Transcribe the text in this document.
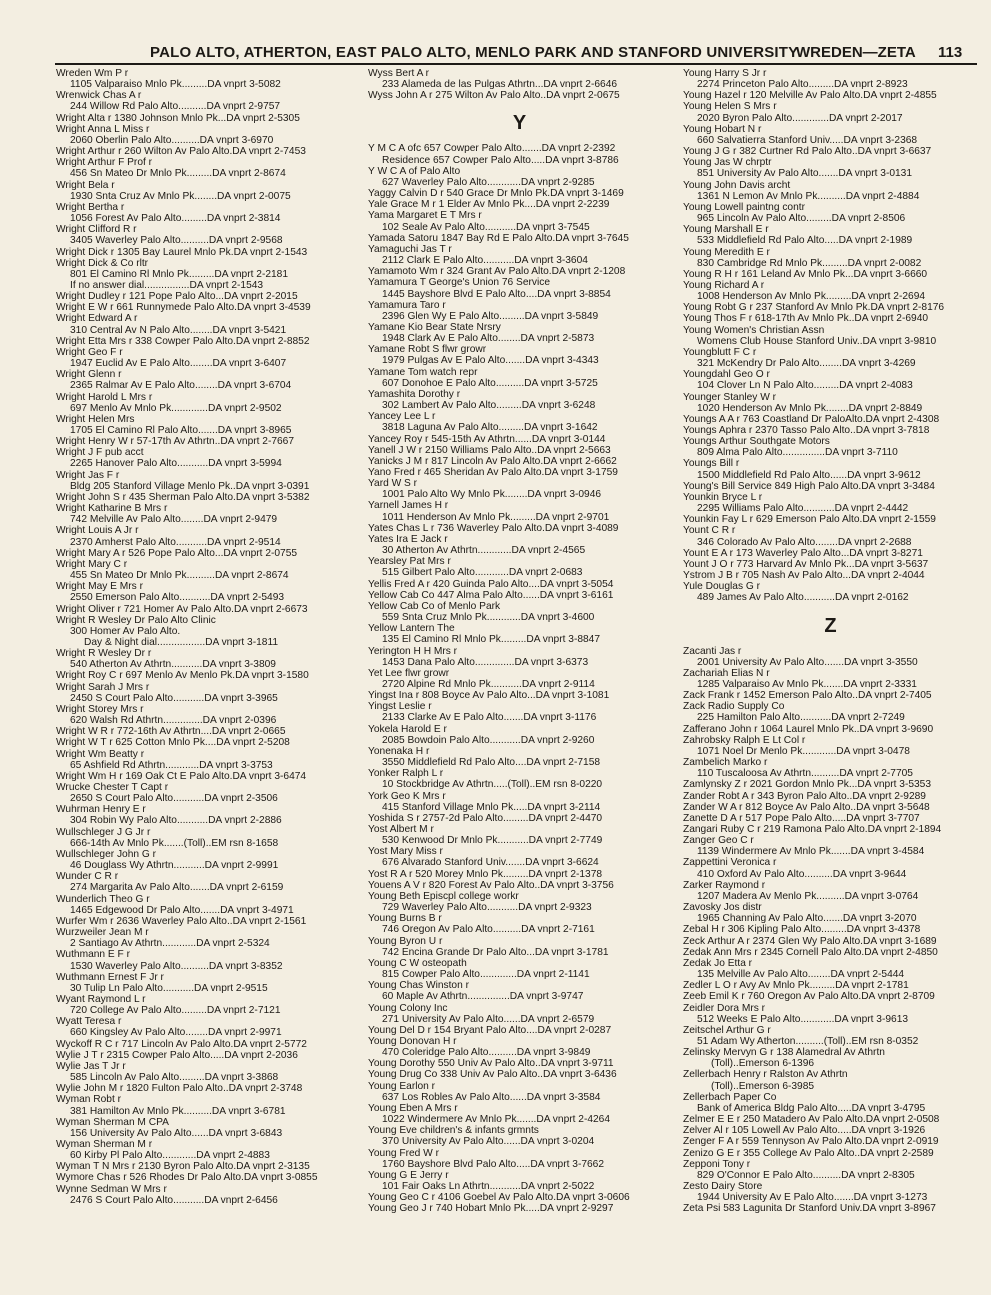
PALO ALTO, ATHERTON, EAST PALO ALTO, MENLO PARK AND STANFORD UNIVERSITY
WREDEN—ZETA 113
Wreden Wm P r
1105 Valparaiso Mnlo Pk.........DA vnprt 3-5082
Wrenwick Chas A r
244 Willow Rd Palo Alto..........DA vnprt 2-9757
Wright Alta r 1380 Johnson Mnlo Pk...DA vnprt 2-5305
Wright Anna L Miss r
2060 Oberlin Palo Alto..........DA vnprt 3-6970
Wright Arthur r 260 Wilton Av Palo Alto.DA vnprt 2-7453
Wright Arthur F Prof r
456 Sn Mateo Dr Mnlo Pk.........DA vnprt 2-8674
Wright Bela r
1930 Snta Cruz Av Mnlo Pk........DA vnprt 2-0075
Wright Bertha r
1056 Forest Av Palo Alto.........DA vnprt 2-3814
Wright Clifford R r
3405 Waverley Palo Alto..........DA vnprt 2-9568
Wright Dick r 1305 Bay Laurel Mnlo Pk.DA vnprt 2-1543
Wright Dick & Co rltr
801 El Camino Rl Mnlo Pk.........DA vnprt 2-2181
If no answer dial................DA vnprt 2-1543
Wright Dudley r 121 Pope Palo Alto...DA vnprt 2-2015
Wright E W r 661 Runnymede Palo Alto.DA vnprt 3-4539
Wright Edward A r
310 Central Av N Palo Alto........DA vnprt 3-5421
Wright Etta Mrs r 338 Cowper Palo Alto.DA vnprt 2-8852
Wright Geo F r
1947 Euclid Av E Palo Alto........DA vnprt 3-6407
Wright Glenn r
2365 Ralmar Av E Palo Alto........DA vnprt 3-6704
Wright Harold L Mrs r
697 Menlo Av Mnlo Pk.............DA vnprt 2-9502
Wright Helen Mrs
1705 El Camino Rl Palo Alto.......DA vnprt 3-8965
Wright Henry W r 57-17th Av Athrtn..DA vnprt 2-7667
Wright J F pub acct
2265 Hanover Palo Alto...........DA vnprt 3-5994
Wright Jas F r
Bldg 205 Stanford Village Menlo Pk..DA vnprt 3-0391
Wright John S r 435 Sherman Palo Alto.DA vnprt 3-5382
Wright Katharine B Mrs r
742 Melville Av Palo Alto........DA vnprt 2-9479
Wright Louis A Jr r
2370 Amherst Palo Alto...........DA vnprt 2-9514
Wright Mary A r 526 Pope Palo Alto...DA vnprt 2-0755
Wright Mary C r
455 Sn Mateo Dr Mnlo Pk..........DA vnprt 2-8674
Wright May E Mrs r
2550 Emerson Palo Alto...........DA vnprt 2-5493
Wright Oliver r 721 Homer Av Palo Alto.DA vnprt 2-6673
Wright R Wesley Dr Palo Alto Clinic
300 Homer Av Palo Alto.
Day & Night dial.................DA vnprt 3-1811
Wright R Wesley Dr r
540 Atherton Av Athrtn...........DA vnprt 3-3809
Wright Roy C r 697 Menlo Av Menlo Pk.DA vnprt 3-1580
Wright Sarah J Mrs r
2450 S Court Palo Alto...........DA vnprt 3-3965
Wright Storey Mrs r
620 Walsh Rd Athrtn..............DA vnprt 2-0396
Wright W R r 772-16th Av Athrtn....DA vnprt 2-0665
Wright W T r 625 Cotton Mnlo Pk....DA vnprt 2-5208
Wright Wm Beatty r
65 Ashfield Rd Athrtn............DA vnprt 3-3753
Wright Wm H r 169 Oak Ct E Palo Alto.DA vnprt 3-6474
Wrucke Chester T Capt r
2650 S Court Palo Alto...........DA vnprt 2-3506
Wuhrman Henry E r
304 Robin Wy Palo Alto...........DA vnprt 2-2886
Wullschleger J G Jr r
666-14th Av Mnlo Pk.......(Toll)..EM rsn 8-1658
Wullschleger John G r
46 Douglass Wy Athrtn...........DA vnprt 2-9991
Wunder C R r
274 Margarita Av Palo Alto.......DA vnprt 2-6159
Wunderlich Theo G r
1465 Edgewood Dr Palo Alto.......DA vnprt 3-4971
Wurfer Wm r 2636 Waverley Palo Alto..DA vnprt 2-1561
Wurzweiler Jean M r
2 Santiago Av Athrtn............DA vnprt 2-5324
Wuthmann E F r
1530 Waverley Palo Alto..........DA vnprt 3-8352
Wuthmann Ernest F Jr r
30 Tulip Ln Palo Alto...........DA vnprt 2-9515
Wyant Raymond L r
720 College Av Palo Alto.........DA vnprt 2-7121
Wyatt Teresa r
660 Kingsley Av Palo Alto........DA vnprt 2-9971
Wyckoff R C r 717 Lincoln Av Palo Alto.DA vnprt 2-5772
Wylie J T r 2315 Cowper Palo Alto.....DA vnprt 2-2036
Wylie Jas T Jr r
585 Lincoln Av Palo Alto.........DA vnprt 3-3868
Wylie John M r 1820 Fulton Palo Alto..DA vnprt 2-3748
Wyman Robt r
381 Hamilton Av Mnlo Pk..........DA vnprt 3-6781
Wyman Sherman M CPA
156 University Av Palo Alto......DA vnprt 3-6843
Wyman Sherman M r
60 Kirby Pl Palo Alto............DA vnprt 2-4883
Wyman T N Mrs r 2130 Byron Palo Alto.DA vnprt 2-3135
Wymore Chas r 526 Rhodes Dr Palo Alto.DA vnprt 3-0855
Wynne Sedman W Mrs r
2476 S Court Palo Alto...........DA vnprt 2-6456
Wyss Bert A r
233 Alameda de las Pulgas Athrtn...DA vnprt 2-6646
Wyss John A r 275 Wilton Av Palo Alto..DA vnprt 2-0675
Y
Y M C A ofc 657 Cowper Palo Alto.......DA vnprt 2-2392
Residence 657 Cowper Palo Alto.....DA vnprt 3-8786
Y W C A of Palo Alto
627 Waverley Palo Alto............DA vnprt 2-9285
Yaggy Calvin D r 540 Grace Dr Mnlo Pk.DA vnprt 3-1469
Yale Grace M r 1 Elder Av Mnlo Pk....DA vnprt 2-2239
Yama Margaret E T Mrs r
102 Seale Av Palo Alto...........DA vnprt 3-7545
Yamada Satoru 1847 Bay Rd E Palo Alto.DA vnprt 3-7645
Yamaguchi Jas T r
2112 Clark E Palo Alto...........DA vnprt 3-3604
Yamamoto Wm r 324 Grant Av Palo Alto.DA vnprt 2-1208
Yamamura T George's Union 76 Service
1445 Bayshore Blvd E Palo Alto....DA vnprt 3-8854
Yamamura Taro r
2396 Glen Wy E Palo Alto.........DA vnprt 3-5849
Yamane Kio Bear State Nrsry
1948 Clark Av E Palo Alto........DA vnprt 2-5873
Yamane Robt S flwr growr
1979 Pulgas Av E Palo Alto.......DA vnprt 3-4343
Yamane Tom watch repr
607 Donohoe E Palo Alto..........DA vnprt 3-5725
Yamashita Dorothy r
302 Lambert Av Palo Alto.........DA vnprt 3-6248
Yancey Lee L r
3818 Laguna Av Palo Alto.........DA vnprt 3-1642
Yancey Roy r 545-15th Av Athrtn......DA vnprt 3-0144
Yanell J W r 2150 Williams Palo Alto..DA vnprt 2-5663
Yanicks J M r 817 Lincoln Av Palo Alto.DA vnprt 2-6662
Yano Fred r 465 Sheridan Av Palo Alto.DA vnprt 3-1759
Yard W S r
1001 Palo Alto Wy Mnlo Pk........DA vnprt 3-0946
Yarnell James H r
1011 Henderson Av Mnlo Pk.........DA vnprt 2-9701
Yates Chas L r 736 Waverley Palo Alto.DA vnprt 3-4089
Yates Ira E Jack r
30 Atherton Av Athrtn............DA vnprt 2-4565
Yearsley Pat Mrs r
515 Gilbert Palo Alto............DA vnprt 2-0683
Yellis Fred A r 420 Guinda Palo Alto....DA vnprt 3-5054
Yellow Cab Co 447 Alma Palo Alto......DA vnprt 3-6161
Yellow Cab Co of Menlo Park
559 Snta Cruz Mnlo Pk............DA vnprt 3-4600
Yellow Lantern The
135 El Camino Rl Mnlo Pk.........DA vnprt 3-8847
Yerington H H Mrs r
1453 Dana Palo Alto..............DA vnprt 3-6373
Yet Lee flwr growr
2720 Alpine Rd Mnlo Pk...........DA vnprt 2-9114
Yingst Ina r 808 Boyce Av Palo Alto...DA vnprt 3-1081
Yingst Leslie r
2133 Clarke Av E Palo Alto.......DA vnprt 3-1176
Yokela Harold E r
2085 Bowdoin Palo Alto...........DA vnprt 2-9260
Yonenaka H r
3550 Middlefield Rd Palo Alto....DA vnprt 2-7158
Yonker Ralph L r
10 Stockbridge Av Athrtn.....(Toll)..EM rsn 8-0220
York Geo K Mrs r
415 Stanford Village Mnlo Pk.....DA vnprt 3-2114
Yoshida S r 2757-2d Palo Alto.........DA vnprt 2-4470
Yost Albert M r
530 Kenwood Dr Mnlo Pk...........DA vnprt 2-7749
Yost Mary Miss r
676 Alvarado Stanford Univ.......DA vnprt 3-6624
Yost R A r 520 Morey Mnlo Pk.........DA vnprt 2-1378
Youens A V r 820 Forest Av Palo Alto..DA vnprt 3-3756
Young Beth Episcpl college workr
729 Waverley Palo Alto...........DA vnprt 2-9323
Young Burns B r
746 Oregon Av Palo Alto..........DA vnprt 2-7161
Young Byron U r
742 Encina Grande Dr Palo Alto...DA vnprt 3-1781
Young C W osteopath
815 Cowper Palo Alto.............DA vnprt 2-1141
Young Chas Winston r
60 Maple Av Athrtn...............DA vnprt 3-9747
Young Colony Inc
271 University Av Palo Alto......DA vnprt 2-6579
Young Del D r 154 Bryant Palo Alto....DA vnprt 2-0287
Young Donovan H r
470 Coleridge Palo Alto..........DA vnprt 3-9849
Young Dorothy 550 Univ Av Palo Alto..DA vnprt 3-9711
Young Drug Co 338 Univ Av Palo Alto..DA vnprt 3-6436
Young Earlon r
637 Los Robles Av Palo Alto......DA vnprt 3-3584
Young Eben A Mrs r
1022 Windermere Av Mnlo Pk.......DA vnprt 2-4264
Young Eve children's & infants grmnts
370 University Av Palo Alto......DA vnprt 3-0204
Young Fred W r
1760 Bayshore Blvd Palo Alto.....DA vnprt 3-7662
Young G E Jerry r
101 Fair Oaks Ln Athrtn...........DA vnprt 2-5022
Young Geo C r 4106 Goebel Av Palo Alto.DA vnprt 3-0606
Young Geo J r 740 Hobart Mnlo Pk.....DA vnprt 2-9297
Young Harry S Jr r
2274 Princeton Palo Alto.........DA vnprt 2-8923
Young Hazel r 120 Melville Av Palo Alto.DA vnprt 2-4855
Young Helen S Mrs r
2020 Byron Palo Alto.............DA vnprt 2-2017
Young Hobart N r
660 Salvatierra Stanford Univ.....DA vnprt 3-2368
Young J G r 382 Curtner Rd Palo Alto..DA vnprt 3-6637
Young Jas W chrptr
851 University Av Palo Alto.......DA vnprt 3-0131
Young John Davis archt
1361 N Lemon Av Mnlo Pk..........DA vnprt 2-4884
Young Lowell paintng contr
965 Lincoln Av Palo Alto.........DA vnprt 2-8506
Young Marshall E r
533 Middlefield Rd Palo Alto.....DA vnprt 2-1989
Young Meredith E r
830 Cambridge Rd Mnlo Pk.........DA vnprt 2-0082
Young R H r 161 Leland Av Mnlo Pk...DA vnprt 3-6660
Young Richard A r
1008 Henderson Av Mnlo Pk.........DA vnprt 2-2694
Young Robt G r 237 Stanford Av Mnlo Pk.DA vnprt 2-8176
Young Thos F r 618-17th Av Mnlo Pk..DA vnprt 2-6940
Young Women's Christian Assn
Womens Club House Stanford Univ..DA vnprt 3-9810
Youngblutt F C r
321 McKendry Dr Palo Alto........DA vnprt 3-4269
Youngdahl Geo O r
104 Clover Ln N Palo Alto.........DA vnprt 2-4083
Younger Stanley W r
1020 Henderson Av Mnlo Pk........DA vnprt 2-8849
Youngs A A r 763 Coastland Dr PaloAlto.DA vnprt 2-4308
Youngs Aphra r 2370 Tasso Palo Alto..DA vnprt 3-7818
Youngs Arthur Southgate Motors
809 Alma Palo Alto...............DA vnprt 3-7110
Youngs Bill r
1500 Middlefield Rd Palo Alto......DA vnprt 3-9612
Young's Bill Service 849 High Palo Alto.DA vnprt 3-3484
Younkin Bryce L r
2295 Williams Palo Alto...........DA vnprt 2-4442
Younkin Fay L r 629 Emerson Palo Alto.DA vnprt 2-1559
Yount C R r
346 Colorado Av Palo Alto........DA vnprt 2-2688
Yount E A r 173 Waverley Palo Alto...DA vnprt 3-8271
Yount J O r 773 Harvard Av Mnlo Pk...DA vnprt 3-5637
Ystrom J B r 705 Nash Av Palo Alto...DA vnprt 2-4044
Yule Douglas G r
489 James Av Palo Alto...........DA vnprt 2-0162
Z
Zacanti Jas r
2001 University Av Palo Alto.......DA vnprt 3-3550
Zachariah Elias N r
1285 Valparaiso Av Mnlo Pk.......DA vnprt 2-3331
Zack Frank r 1452 Emerson Palo Alto..DA vnprt 2-7405
Zack Radio Supply Co
225 Hamilton Palo Alto...........DA vnprt 2-7249
Zafferano John r 1064 Laurel Mnlo Pk..DA vnprt 3-9690
Zahrobsky Ralph E Lt Col r
1071 Noel Dr Menlo Pk............DA vnprt 3-0478
Zambelich Marko r
110 Tuscaloosa Av Athrtn..........DA vnprt 2-7705
Zamlynsky Z r 2021 Gordon Mnlo Pk...DA vnprt 3-5353
Zander Robt A r 343 Byron Palo Alto..DA vnprt 2-9289
Zander W A r 812 Boyce Av Palo Alto..DA vnprt 3-5648
Zanette D A r 517 Pope Palo Alto.....DA vnprt 3-7707
Zangari Ruby C r 219 Ramona Palo Alto.DA vnprt 2-1894
Zanger Geo C r
1139 Windermere Av Mnlo Pk.......DA vnprt 3-4584
Zappettini Veronica r
410 Oxford Av Palo Alto..........DA vnprt 3-9644
Zarker Raymond r
1207 Madera Av Menlo Pk..........DA vnprt 3-0764
Zavosky Jos distr
1965 Channing Av Palo Alto.......DA vnprt 3-2070
Zebal H r 306 Kipling Palo Alto.........DA vnprt 3-4378
Zeck Arthur A r 2374 Glen Wy Palo Alto.DA vnprt 3-1689
Zedak Ann Mrs r 2345 Cornell Palo Alto.DA vnprt 2-4850
Zedak Jo Etta r
135 Melville Av Palo Alto........DA vnprt 2-5444
Zedler L O r Avy Av Mnlo Pk.........DA vnprt 2-1781
Zeeb Emil K r 760 Oregon Av Palo Alto.DA vnprt 2-8709
Zeidler Dora Mrs r
512 Weeks E Palo Alto............DA vnprt 3-9613
Zeitschel Arthur G r
51 Adam Wy Atherton..........(Toll)..EM rsn 8-0352
Zelinsky Mervyn G r 138 Alamedral Av Athrtn
(Toll)..Emerson 6-1396
Zellerbach Henry r Ralston Av Athrtn
(Toll)..Emerson 6-3985
Zellerbach Paper Co
Bank of America Bldg Palo Alto.....DA vnprt 3-4795
Zelmer E E r 250 Matadero Av Palo Alto.DA vnprt 2-0508
Zelver Al r 105 Lowell Av Palo Alto.....DA vnprt 3-1926
Zenger F A r 559 Tennyson Av Palo Alto.DA vnprt 2-0919
Zenizo G E r 355 College Av Palo Alto..DA vnprt 2-2589
Zepponi Tony r
829 O'Connor E Palo Alto..........DA vnprt 2-8305
Zesto Dairy Store
1944 University Av E Palo Alto.......DA vnprt 3-1273
Zeta Psi 583 Lagunita Dr Stanford Univ.DA vnprt 3-8967
